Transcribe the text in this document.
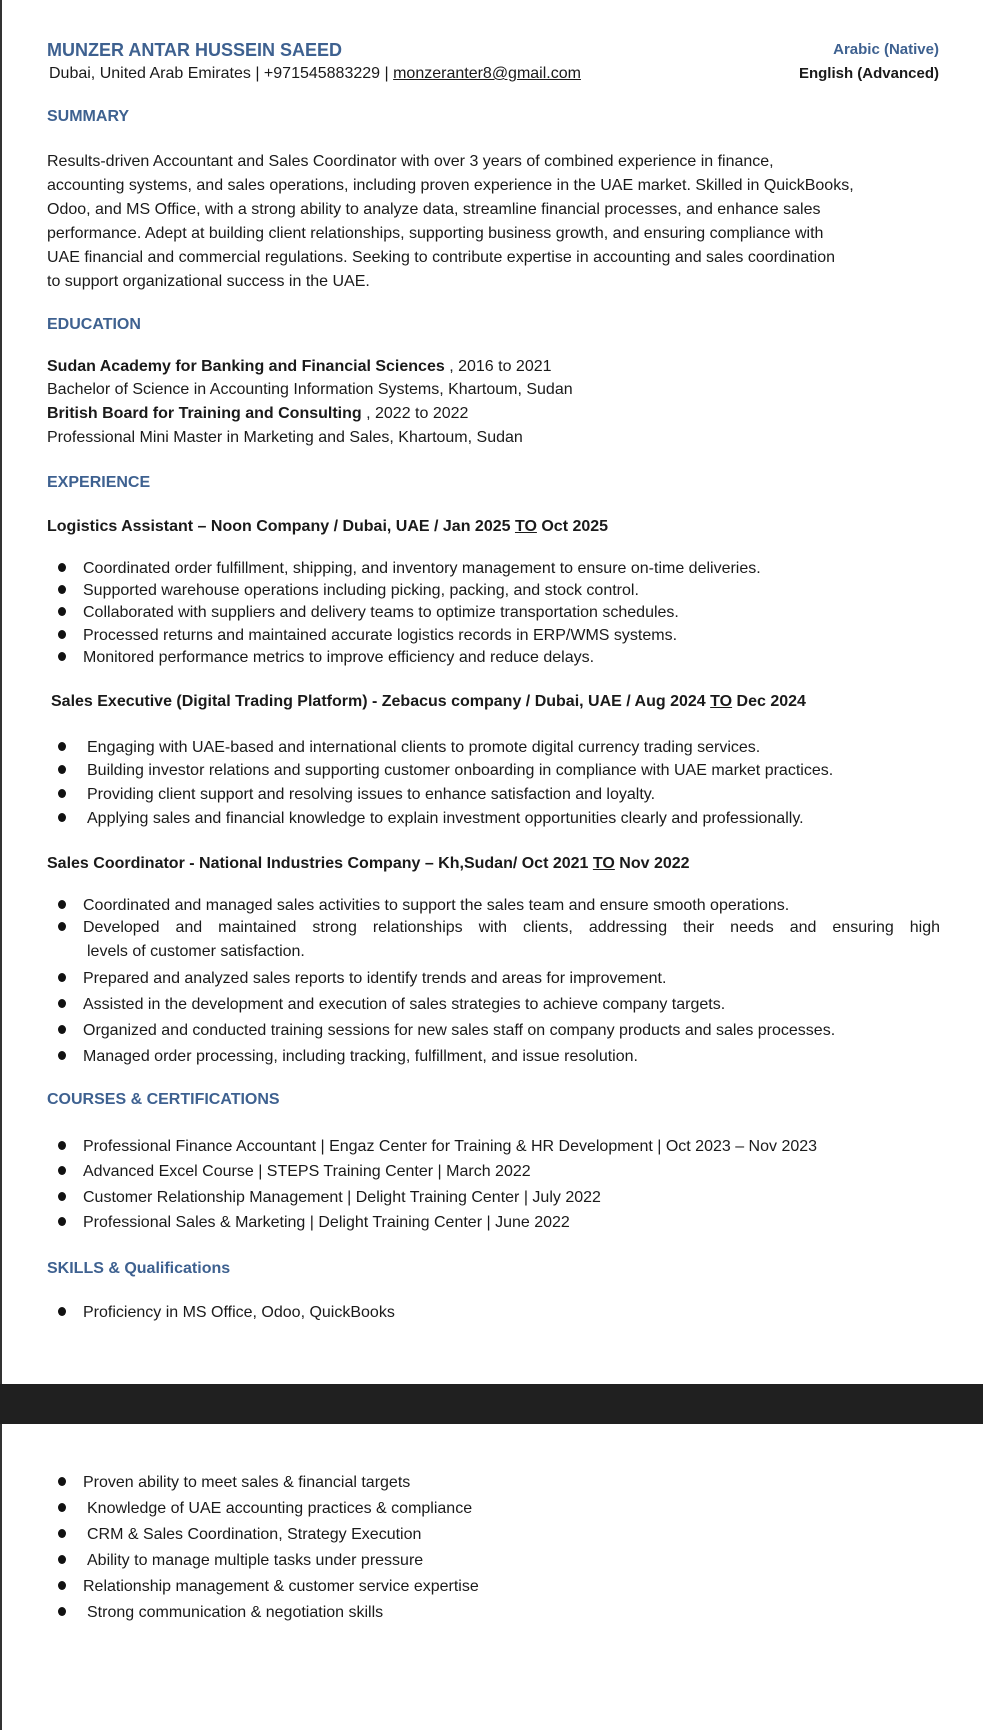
MUNZER ANTAR HUSSEIN SAEED
Dubai, United Arab Emirates | +971545883229 | monzeranter8@gmail.com
Arabic (Native)
English (Advanced)
SUMMARY
Results-driven Accountant and Sales Coordinator with over 3 years of combined experience in finance,
accounting systems, and sales operations, including proven experience in the UAE market. Skilled in QuickBooks,
Odoo, and MS Office, with a strong ability to analyze data, streamline financial processes, and enhance sales
performance. Adept at building client relationships, supporting business growth, and ensuring compliance with
UAE financial and commercial regulations. Seeking to contribute expertise in accounting and sales coordination
to support organizational success in the UAE.
EDUCATION
Sudan Academy for Banking and Financial Sciences , 2016 to 2021
Bachelor of Science in Accounting Information Systems, Khartoum, Sudan
British Board for Training and Consulting , 2022 to 2022
Professional Mini Master in Marketing and Sales, Khartoum, Sudan
EXPERIENCE
Logistics Assistant – Noon Company / Dubai, UAE / Jan 2025 TO Oct 2025
Coordinated order fulfillment, shipping, and inventory management to ensure on-time deliveries.
Supported warehouse operations including picking, packing, and stock control.
Collaborated with suppliers and delivery teams to optimize transportation schedules.
Processed returns and maintained accurate logistics records in ERP/WMS systems.
Monitored performance metrics to improve efficiency and reduce delays.
Sales Executive (Digital Trading Platform) - Zebacus company / Dubai, UAE / Aug 2024 TO Dec 2024
Engaging with UAE-based and international clients to promote digital currency trading services.
Building investor relations and supporting customer onboarding in compliance with UAE market practices.
Providing client support and resolving issues to enhance satisfaction and loyalty.
Applying sales and financial knowledge to explain investment opportunities clearly and professionally.
Sales Coordinator - National Industries Company – Kh,Sudan/ Oct 2021 TO Nov 2022
Coordinated and managed sales activities to support the sales team and ensure smooth operations.
Developed and maintained strong relationships with clients, addressing their needs and ensuring high
levels of customer satisfaction.
Prepared and analyzed sales reports to identify trends and areas for improvement.
Assisted in the development and execution of sales strategies to achieve company targets.
Organized and conducted training sessions for new sales staff on company products and sales processes.
Managed order processing, including tracking, fulfillment, and issue resolution.
COURSES & CERTIFICATIONS
Professional Finance Accountant | Engaz Center for Training & HR Development | Oct 2023 – Nov 2023
Advanced Excel Course | STEPS Training Center | March 2022
Customer Relationship Management | Delight Training Center | July 2022
Professional Sales & Marketing | Delight Training Center | June 2022
SKILLS & Qualifications
Proficiency in MS Office, Odoo, QuickBooks
Proven ability to meet sales & financial targets
Knowledge of UAE accounting practices & compliance
CRM & Sales Coordination, Strategy Execution
Ability to manage multiple tasks under pressure
Relationship management & customer service expertise
Strong communication & negotiation skills
